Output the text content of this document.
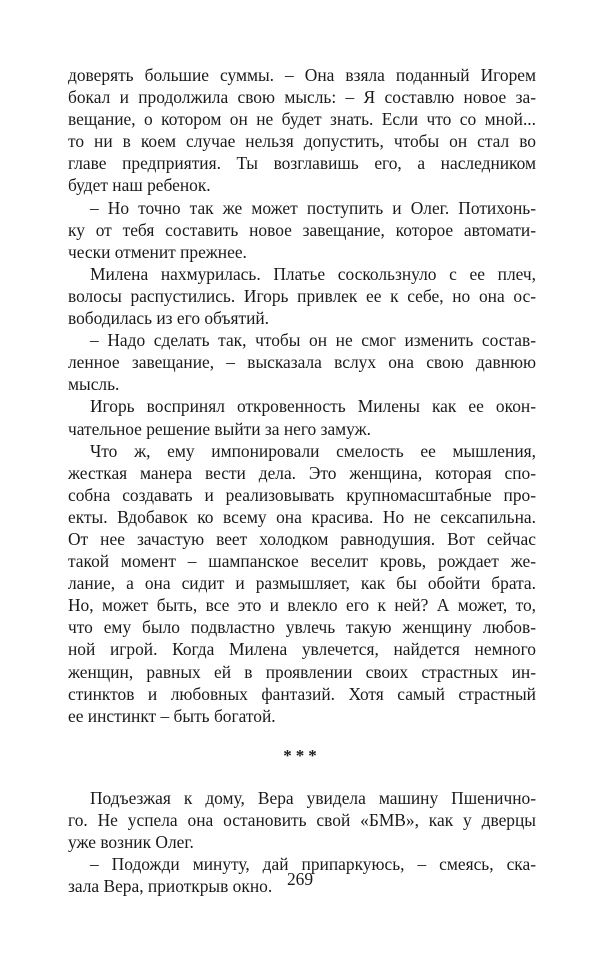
доверять большие суммы. – Она взяла поданный Игорем
бокал и продолжила свою мысль: – Я составлю новое за-
вещание, о котором он не будет знать. Если что со мной...
то ни в коем случае нельзя допустить, чтобы он стал во
главе предприятия. Ты возглавишь его, а наследником
будет наш ребенок.
– Но точно так же может поступить и Олег. Потихонь-
ку от тебя составить новое завещание, которое автомати-
чески отменит прежнее.
Милена нахмурилась. Платье соскользнуло с ее плеч,
волосы распустились. Игорь привлек ее к себе, но она ос-
вободилась из его объятий.
– Надо сделать так, чтобы он не смог изменить состав-
ленное завещание, – высказала вслух она свою давнюю
мысль.
Игорь воспринял откровенность Милены как ее окон-
чательное решение выйти за него замуж.
Что ж, ему импонировали смелость ее мышления,
жесткая манера вести дела. Это женщина, которая спо-
собна создавать и реализовывать крупномасштабные про-
екты. Вдобавок ко всему она красива. Но не сексапильна.
От нее зачастую веет холодком равнодушия. Вот сейчас
такой момент – шампанское веселит кровь, рождает же-
лание, а она сидит и размышляет, как бы обойти брата.
Но, может быть, все это и влекло его к ней? А может, то,
что ему было подвластно увлечь такую женщину любов-
ной игрой. Когда Милена увлечется, найдется немного
женщин, равных ей в проявлении своих страстных ин-
стинктов и любовных фантазий. Хотя самый страстный
ее инстинкт – быть богатой.
***
Подъезжая к дому, Вера увидела машину Пшенично-
го. Не успела она остановить свой «БМВ», как у дверцы
уже возник Олег.
– Подожди минуту, дай припаркуюсь, – смеясь, ска-
зала Вера, приоткрыв окно. 269
